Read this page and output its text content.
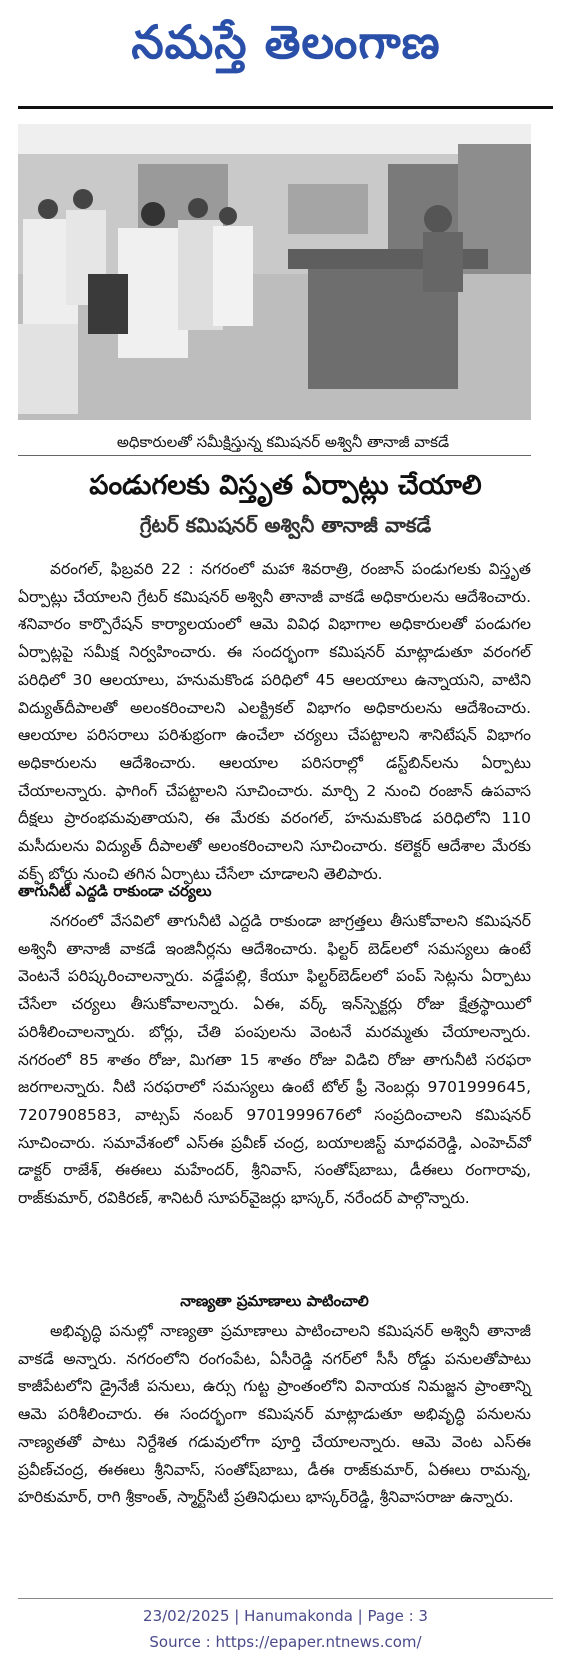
నమస్తే తెలంగాణ
అధికారులతో సమీక్షిస్తున్న కమిషనర్ అశ్వినీ తానాజీ వాకడే
పండుగలకు విస్తృత ఏర్పాట్లు చేయాలి
గ్రేటర్ కమిషనర్ అశ్వినీ తానాజీ వాకడే

వరంగల్, ఫిబ్రవరి 22 : నగరంలో మహా శివరాత్రి, రంజాన్ పండుగలకు విస్తృత ఏర్పాట్లు చేయాలని గ్రేటర్ కమిషనర్ అశ్వినీ తానాజీ వాకడే అధికారులను ఆదేశించారు. శనివారం కార్పొరేషన్ కార్యాలయంలో ఆమె వివిధ విభాగాల అధికారులతో పండుగల ఏర్పాట్లపై సమీక్ష నిర్వహించారు. ఈ సందర్భంగా కమిషనర్ మాట్లాడుతూ వరంగల్ పరిధిలో 30 ఆలయాలు, హనుమకొండ పరిధిలో 45 ఆలయాలు ఉన్నాయని, వాటిని విద్యుత్‌దీపాలతో అలంకరించాలని ఎలక్ట్రికల్ విభాగం అధికారులను ఆదేశించారు. ఆలయాల పరిసరాలు పరిశుభ్రంగా ఉంచేలా చర్యలు చేపట్టాలని శానిటేషన్ విభాగం అధికారులను ఆదేశించారు. ఆలయాల పరిసరాల్లో డస్ట్‌బిన్‌లను ఏర్పాటు చేయాలన్నారు. ఫాగింగ్ చేపట్టాలని సూచించారు. మార్చి 2 నుంచి రంజాన్ ఉపవాస దీక్షలు ప్రారంభమవుతాయని, ఈ మేరకు వరంగల్, హనుమకొండ పరిధిలోని 110 మసీదులను విద్యుత్ దీపాలతో అలంకరించాలని సూచించారు. కలెక్టర్ ఆదేశాల మేరకు వక్ఫ్ బోర్డు నుంచి తగిన ఏర్పాటు చేసేలా చూడాలని తెలిపారు.

తాగునీటి ఎద్దడి రాకుండా చర్యలు

నగరంలో వేసవిలో తాగునీటి ఎద్దడి రాకుండా జాగ్రత్తలు తీసుకోవాలని కమిషనర్ అశ్వినీ తానాజీ వాకడే ఇంజినీర్లను ఆదేశించారు. ఫిల్టర్ బెడ్‌లలో సమస్యలు ఉంటే వెంటనే పరిష్కరించాలన్నారు. వడ్డేపల్లి, కేయూ ఫిల్టర్‌బెడ్‌లలో పంప్ సెట్లను ఏర్పాటు చేసేలా చర్యలు తీసుకోవాలన్నారు. ఏఈ, వర్క్ ఇన్‌స్పెక్టర్లు రోజు క్షేత్రస్థాయిలో పరిశీలించాలన్నారు. బోర్లు, చేతి పంపులను వెంటనే మరమ్మతు చేయాలన్నారు. నగరంలో 85 శాతం రోజు, మిగతా 15 శాతం రోజు విడిచి రోజు తాగునీటి సరఫరా జరగాలన్నారు. నీటి సరఫరాలో సమస్యలు ఉంటే టోల్ ఫ్రీ నెంబర్లు 9701999645, 7207908583, వాట్సప్ నంబర్ 9701999676లో సంప్రదించాలని కమిషనర్ సూచించారు. సమావేశంలో ఎస్‌ఈ ప్రవీణ్ చంద్ర, బయాలజిస్ట్ మాధవరెడ్డి, ఎంహెచ్‌వో డాక్టర్ రాజేశ్, ఈఈలు మహేందర్, శ్రీనివాస్, సంతోష్‌బాబు, డీఈలు రంగారావు, రాజ్‌కుమార్, రవికిరణ్, శానిటరీ సూపర్‌వైజర్లు భాస్కర్, నరేందర్ పాల్గొన్నారు.

నాణ్యతా ప్రమాణాలు పాటించాలి

అభివృద్ధి పనుల్లో నాణ్యతా ప్రమాణాలు పాటించాలని కమిషనర్ అశ్వినీ తానాజీ వాకడే అన్నారు. నగరంలోని రంగంపేట, ఏసీరెడ్డి నగర్‌లో సీసీ రోడ్డు పనులతోపాటు కాజీపేటలోని డ్రైనేజీ పనులు, ఉర్సు గుట్ట ప్రాంతంలోని వినాయక నిమజ్జన ప్రాంతాన్ని ఆమె పరిశీలించారు. ఈ సందర్భంగా కమిషనర్ మాట్లాడుతూ అభివృద్ధి పనులను నాణ్యతతో పాటు నిర్దేశిత గడువులోగా పూర్తి చేయాలన్నారు. ఆమె వెంట ఎస్‌ఈ ప్రవీణ్‌చంద్ర, ఈఈలు శ్రీనివాస్, సంతోష్‌బాబు, డీఈ రాజ్‌కుమార్, ఏఈలు రామన్న, హరికుమార్, రాగి శ్రీకాంత్, స్మార్ట్‌సిటీ ప్రతినిధులు భాస్కర్‌రెడ్డి, శ్రీనివాసరాజు ఉన్నారు.

23/02/2025 | Hanumakonda | Page : 3
Source : https://epaper.ntnews.com/
